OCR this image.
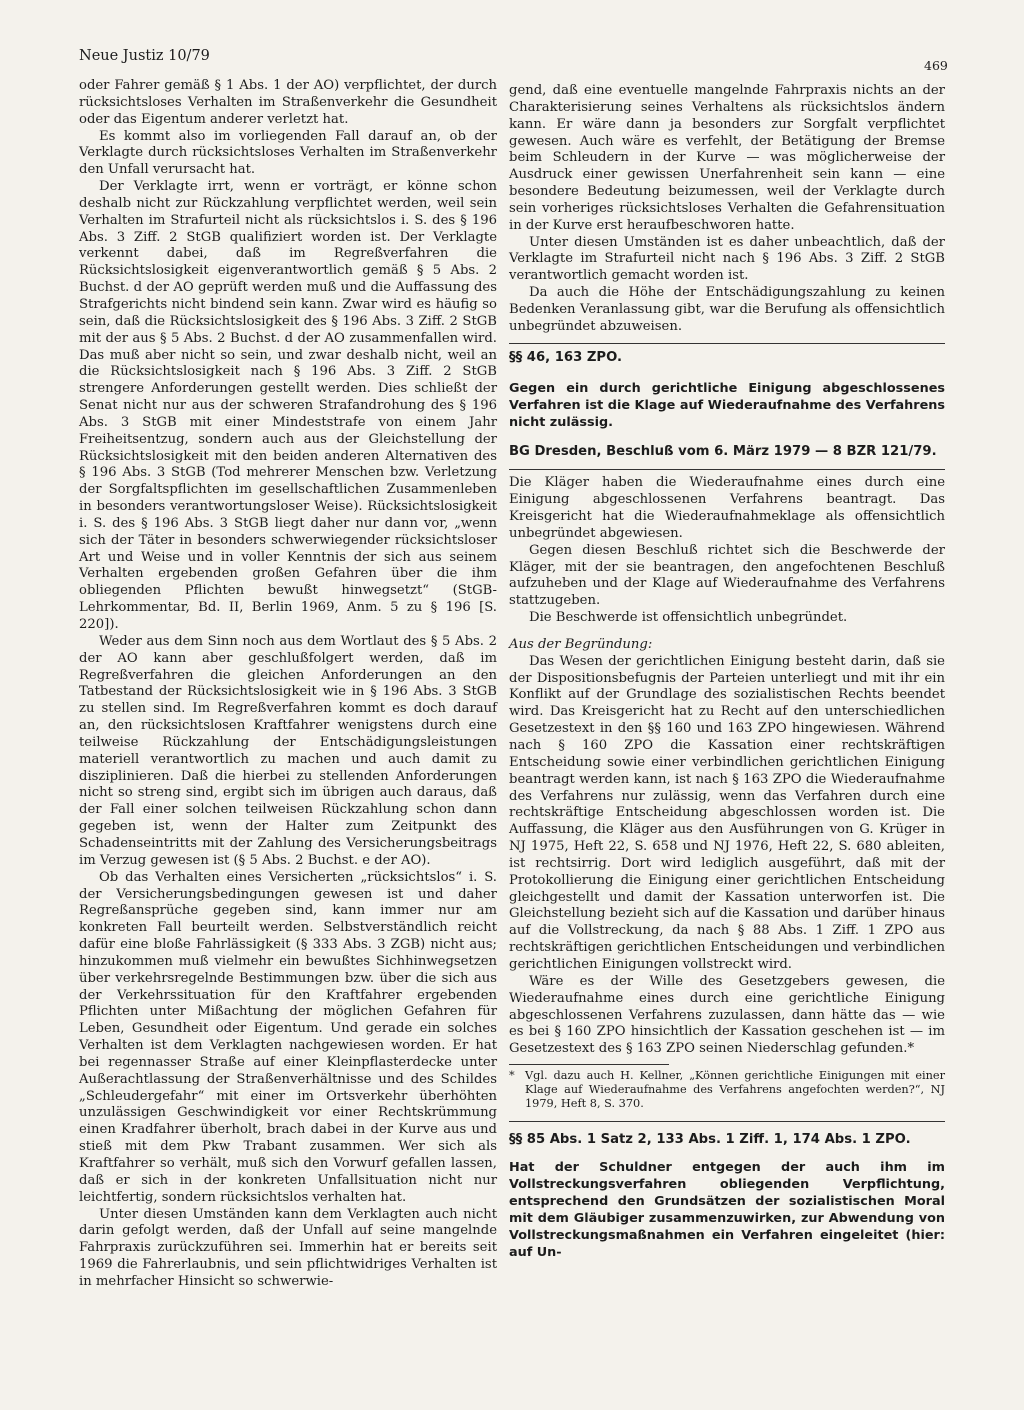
Neue Justiz 10/79
469

oder Fahrer gemäß § 1 Abs. 1 der AO) verpflichtet, der durch rücksichtsloses Verhalten im Straßenverkehr die Gesundheit oder das Eigentum anderer verletzt hat.

Es kommt also im vorliegenden Fall darauf an, ob der Verklagte durch rücksichtsloses Verhalten im Straßenverkehr den Unfall verursacht hat.

Der Verklagte irrt, wenn er vorträgt, er könne schon deshalb nicht zur Rückzahlung verpflichtet werden, weil sein Verhalten im Strafurteil nicht als rücksichtslos i. S. des § 196 Abs. 3 Ziff. 2 StGB qualifiziert worden ist. Der Verklagte verkennt dabei, daß im Regreßverfahren die Rücksichtslosigkeit eigenverantwortlich gemäß § 5 Abs. 2 Buchst. d der AO geprüft werden muß und die Auffassung des Strafgerichts nicht bindend sein kann. Zwar wird es häufig so sein, daß die Rücksichtslosigkeit des § 196 Abs. 3 Ziff. 2 StGB mit der aus § 5 Abs. 2 Buchst. d der AO zusammenfallen wird. Das muß aber nicht so sein, und zwar deshalb nicht, weil an die Rücksichtslosigkeit nach § 196 Abs. 3 Ziff. 2 StGB strengere Anforderungen gestellt werden. Dies schließt der Senat nicht nur aus der schweren Strafandrohung des § 196 Abs. 3 StGB mit einer Mindeststrafe von einem Jahr Freiheitsentzug, sondern auch aus der Gleichstellung der Rücksichtslosigkeit mit den beiden anderen Alternativen des § 196 Abs. 3 StGB (Tod mehrerer Menschen bzw. Verletzung der Sorgfaltspflichten im gesellschaftlichen Zusammenleben in besonders verantwortungsloser Weise). Rücksichtslosigkeit i. S. des § 196 Abs. 3 StGB liegt daher nur dann vor, „wenn sich der Täter in besonders schwerwiegender rücksichtsloser Art und Weise und in voller Kenntnis der sich aus seinem Verhalten ergebenden großen Gefahren über die ihm obliegenden Pflichten bewußt hinwegsetzt“ (StGB-Lehrkommentar, Bd. II, Berlin 1969, Anm. 5 zu § 196 [S. 220]).

Weder aus dem Sinn noch aus dem Wortlaut des § 5 Abs. 2 der AO kann aber geschlußfolgert werden, daß im Regreßverfahren die gleichen Anforderungen an den Tatbestand der Rücksichtslosigkeit wie in § 196 Abs. 3 StGB zu stellen sind. Im Regreßverfahren kommt es doch darauf an, den rücksichtslosen Kraftfahrer wenigstens durch eine teilweise Rückzahlung der Entschädigungsleistungen materiell verantwortlich zu machen und auch damit zu disziplinieren. Daß die hierbei zu stellenden Anforderungen nicht so streng sind, ergibt sich im übrigen auch daraus, daß der Fall einer solchen teilweisen Rückzahlung schon dann gegeben ist, wenn der Halter zum Zeitpunkt des Schadenseintritts mit der Zahlung des Versicherungsbeitrags im Verzug gewesen ist (§ 5 Abs. 2 Buchst. e der AO).

Ob das Verhalten eines Versicherten „rücksichtslos“ i. S. der Versicherungsbedingungen gewesen ist und daher Regreßansprüche gegeben sind, kann immer nur am konkreten Fall beurteilt werden. Selbstverständlich reicht dafür eine bloße Fahrlässigkeit (§ 333 Abs. 3 ZGB) nicht aus; hinzukommen muß vielmehr ein bewußtes Sichhinwegsetzen über verkehrsregelnde Bestimmungen bzw. über die sich aus der Verkehrssituation für den Kraftfahrer ergebenden Pflichten unter Mißachtung der möglichen Gefahren für Leben, Gesundheit oder Eigentum. Und gerade ein solches Verhalten ist dem Verklagten nachgewiesen worden. Er hat bei regennasser Straße auf einer Kleinpflasterdecke unter Außerachtlassung der Straßenverhältnisse und des Schildes „Schleudergefahr“ mit einer im Ortsverkehr überhöhten unzulässigen Geschwindigkeit vor einer Rechtskrümmung einen Kradfahrer überholt, brach dabei in der Kurve aus und stieß mit dem Pkw Trabant zusammen. Wer sich als Kraftfahrer so verhält, muß sich den Vorwurf gefallen lassen, daß er sich in der konkreten Unfallsituation nicht nur leichtfertig, sondern rücksichtslos verhalten hat.

Unter diesen Umständen kann dem Verklagten auch nicht darin gefolgt werden, daß der Unfall auf seine mangelnde Fahrpraxis zurückzuführen sei. Immerhin hat er bereits seit 1969 die Fahrerlaubnis, und sein pflichtwidriges Verhalten ist in mehrfacher Hinsicht so schwerwie-

gend, daß eine eventuelle mangelnde Fahrpraxis nichts an der Charakterisierung seines Verhaltens als rücksichtslos ändern kann. Er wäre dann ja besonders zur Sorgfalt verpflichtet gewesen. Auch wäre es verfehlt, der Betätigung der Bremse beim Schleudern in der Kurve — was möglicherweise der Ausdruck einer gewissen Unerfahrenheit sein kann — eine besondere Bedeutung beizumessen, weil der Verklagte durch sein vorheriges rücksichtsloses Verhalten die Gefahrensituation in der Kurve erst heraufbeschworen hatte.

Unter diesen Umständen ist es daher unbeachtlich, daß der Verklagte im Strafurteil nicht nach § 196 Abs. 3 Ziff. 2 StGB verantwortlich gemacht worden ist.

Da auch die Höhe der Entschädigungszahlung zu keinen Bedenken Veranlassung gibt, war die Berufung als offensichtlich unbegründet abzuweisen.

§§ 46, 163 ZPO.

Gegen ein durch gerichtliche Einigung abgeschlossenes Verfahren ist die Klage auf Wiederaufnahme des Verfahrens nicht zulässig.

BG Dresden, Beschluß vom 6. März 1979 — 8 BZR 121/79.

Die Kläger haben die Wiederaufnahme eines durch eine Einigung abgeschlossenen Verfahrens beantragt. Das Kreisgericht hat die Wiederaufnahmeklage als offensichtlich unbegründet abgewiesen.

Gegen diesen Beschluß richtet sich die Beschwerde der Kläger, mit der sie beantragen, den angefochtenen Beschluß aufzuheben und der Klage auf Wiederaufnahme des Verfahrens stattzugeben.

Die Beschwerde ist offensichtlich unbegründet.

Aus der Begründung:

Das Wesen der gerichtlichen Einigung besteht darin, daß sie der Dispositionsbefugnis der Parteien unterliegt und mit ihr ein Konflikt auf der Grundlage des sozialistischen Rechts beendet wird. Das Kreisgericht hat zu Recht auf den unterschiedlichen Gesetzestext in den §§ 160 und 163 ZPO hingewiesen. Während nach § 160 ZPO die Kassation einer rechtskräftigen Entscheidung sowie einer verbindlichen gerichtlichen Einigung beantragt werden kann, ist nach § 163 ZPO die Wiederaufnahme des Verfahrens nur zulässig, wenn das Verfahren durch eine rechtskräftige Entscheidung abgeschlossen worden ist. Die Auffassung, die Kläger aus den Ausführungen von G. Krüger in NJ 1975, Heft 22, S. 658 und NJ 1976, Heft 22, S. 680 ableiten, ist rechtsirrig. Dort wird lediglich ausgeführt, daß mit der Protokollierung die Einigung einer gerichtlichen Entscheidung gleichgestellt und damit der Kassation unterworfen ist. Die Gleichstellung bezieht sich auf die Kassation und darüber hinaus auf die Vollstreckung, da nach § 88 Abs. 1 Ziff. 1 ZPO aus rechtskräftigen gerichtlichen Entscheidungen und verbindlichen gerichtlichen Einigungen vollstreckt wird.

Wäre es der Wille des Gesetzgebers gewesen, die Wiederaufnahme eines durch eine gerichtliche Einigung abgeschlossenen Verfahrens zuzulassen, dann hätte das — wie es bei § 160 ZPO hinsichtlich der Kassation geschehen ist — im Gesetzestext des § 163 ZPO seinen Niederschlag gefunden.*

* Vgl. dazu auch H. Kellner, „Können gerichtliche Einigungen mit einer Klage auf Wiederaufnahme des Verfahrens angefochten werden?“, NJ 1979, Heft 8, S. 370.

§§ 85 Abs. 1 Satz 2, 133 Abs. 1 Ziff. 1, 174 Abs. 1 ZPO.

Hat der Schuldner entgegen der auch ihm im Vollstreckungsverfahren obliegenden Verpflichtung, entsprechend den Grundsätzen der sozialistischen Moral mit dem Gläubiger zusammenzuwirken, zur Abwendung von Vollstreckungsmaßnahmen ein Verfahren eingeleitet (hier: auf Un-
